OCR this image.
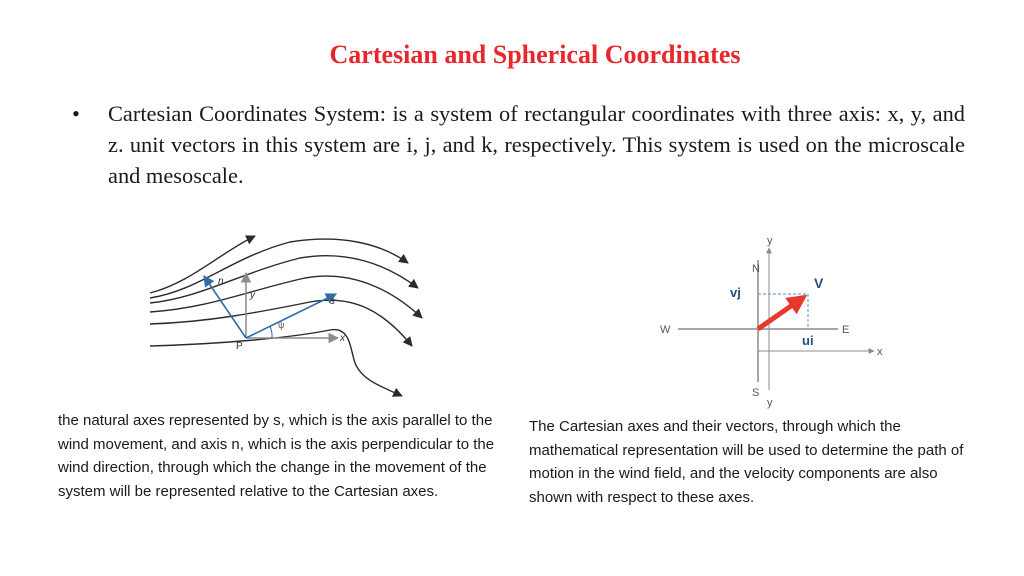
Cartesian and Spherical Coordinates
• Cartesian Coordinates System: is a system of rectangular coordinates with three axis: x, y, and z. unit vectors in this system are i, j, and k, respectively. This system is used on the microscale and mesoscale.
n
y
s
ψ
P
x
y
N
vj
V
W	E
ui
x
S
y
the natural axes represented by s, which is the axis parallel to the wind movement, and axis n, which is the axis perpendicular to the wind direction, through which the change in the movement of the system will be represented relative to the Cartesian axes.
The Cartesian axes and their vectors, through which the mathematical representation will be used to determine the path of motion in the wind field, and the velocity components are also shown with respect to these axes.
